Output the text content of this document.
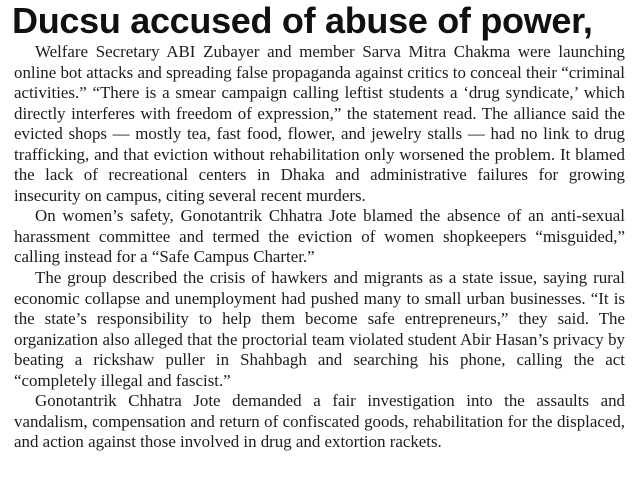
Ducsu accused of abuse of power,

Welfare Secretary ABI Zubayer and member Sarva Mitra Chakma were launching online bot attacks and spreading false propaganda against critics to conceal their “criminal activities.” “There is a smear campaign calling leftist students a ‘drug syndicate,’ which directly interferes with freedom of expression,” the statement read. The alliance said the evicted shops — mostly tea, fast food, flower, and jewelry stalls — had no link to drug trafficking, and that eviction without rehabilitation only worsened the problem. It blamed the lack of recreational centers in Dhaka and administrative failures for growing insecurity on campus, citing several recent murders.

On women’s safety, Gonotantrik Chhatra Jote blamed the absence of an anti-sexual harassment committee and termed the eviction of women shopkeepers “misguided,” calling instead for a “Safe Campus Charter.”

The group described the crisis of hawkers and migrants as a state issue, saying rural economic collapse and unemployment had pushed many to small urban businesses. “It is the state’s responsibility to help them become safe entrepreneurs,” they said. The organization also alleged that the proctorial team violated student Abir Hasan’s privacy by beating a rickshaw puller in Shahbagh and searching his phone, calling the act “completely illegal and fascist.”

Gonotantrik Chhatra Jote demanded a fair investigation into the assaults and vandalism, compensation and return of confiscated goods, rehabilitation for the displaced, and action against those involved in drug and extortion rackets.
